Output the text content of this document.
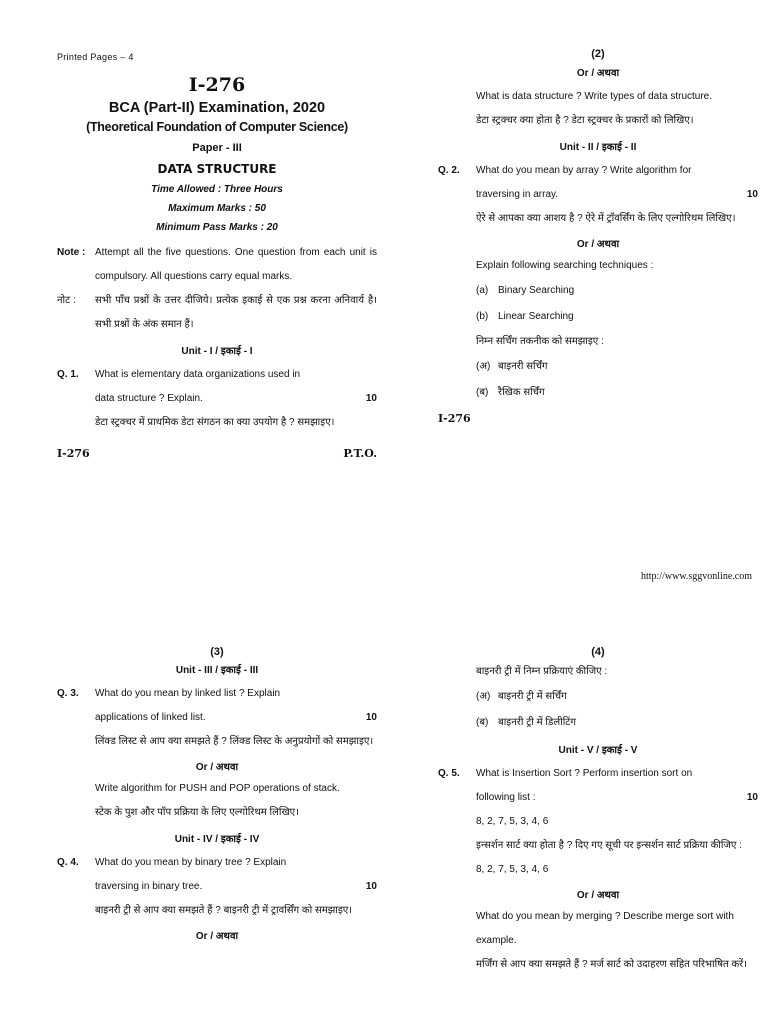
Printed Pages – 4
I-276
BCA (Part-II) Examination, 2020
(Theoretical Foundation of Computer Science)
Paper - III
DATA STRUCTURE
Time Allowed : Three Hours
Maximum Marks : 50
Minimum Pass Marks : 20
Note : Attempt all the five questions. One question from each unit is compulsory. All questions carry equal marks.
नोट :	सभी पाँच प्रश्नों के उत्तर दीजिये। प्रत्येक इकाई से एक प्रश्न करना अनिवार्य है। सभी प्रश्नों के अंक समान हैं।
Unit - I / इकाई - I
Q. 1.	What is elementary data organizations used in
data structure ? Explain.	10
डेटा स्ट्रक्चर में प्राथमिक डेटा संगठन का क्या उपयोग है ? समझाइए।
I-276	P.T.O.
(2)
Or / अथवा
What is data structure ? Write types of data structure.
डेटा स्ट्रक्चर क्या होता है ? डेटा स्ट्रक्चर के प्रकारों को लिखिए।
Unit - II / इकाई - II
Q. 2.	What do you mean by array ? Write algorithm for
traversing in array.	10
ऐरे से आपका क्या आशय है ? ऐरे में ट्रॉवर्सिंग के लिए एल्गोरिथम लिखिए।
Or / अथवा
Explain following searching techniques :
(a) Binary Searching
(b) Linear Searching
निम्न सर्चिंग तकनीक को समझाइए :
(अ) बाइनरी सर्चिंग
(ब) रैखिक सर्चिंग
I-276
http://www.sggvonline.com
(3)
Unit - III / इकाई - III
Q. 3.	What do you mean by linked list ? Explain
applications of linked list.	10
लिंक्ड लिस्ट से आप क्या समझते हैं ? लिंक्ड लिस्ट के अनुप्रयोगों को समझाइए।
Or / अथवा
Write algorithm for PUSH and POP operations of stack.
स्टेक के पुश और पॉप प्रक्रिया के लिए एल्गोरिथम लिखिए।
Unit - IV / इकाई - IV
Q. 4.	What do you mean by binary tree ? Explain
traversing in binary tree.	10
बाइनरी ट्री से आप क्या समझते हैं ? बाइनरी ट्री में ट्रावर्सिंग को समझाइए।
Or / अथवा
(4)
बाइनरी ट्री में निम्न प्रक्रियाएं कीजिए :
(अ) बाइनरी ट्री में सर्चिंग
(ब) बाइनरी ट्री में डिलीटिंग
Unit - V / इकाई - V
Q. 5.	What is Insertion Sort ? Perform insertion sort on
following list :	10
8, 2, 7, 5, 3, 4, 6
इन्सर्शन सार्ट क्या होता है ? दिए गए सूची पर इन्सर्शन सार्ट प्रक्रिया कीजिए :
8, 2, 7, 5, 3, 4, 6
Or / अथवा
What do you mean by merging ? Describe merge sort with example.
मर्जिंग से आप क्या समझते हैं ? मर्ज सार्ट को उदाहरण सहित परिभाषित करें।
